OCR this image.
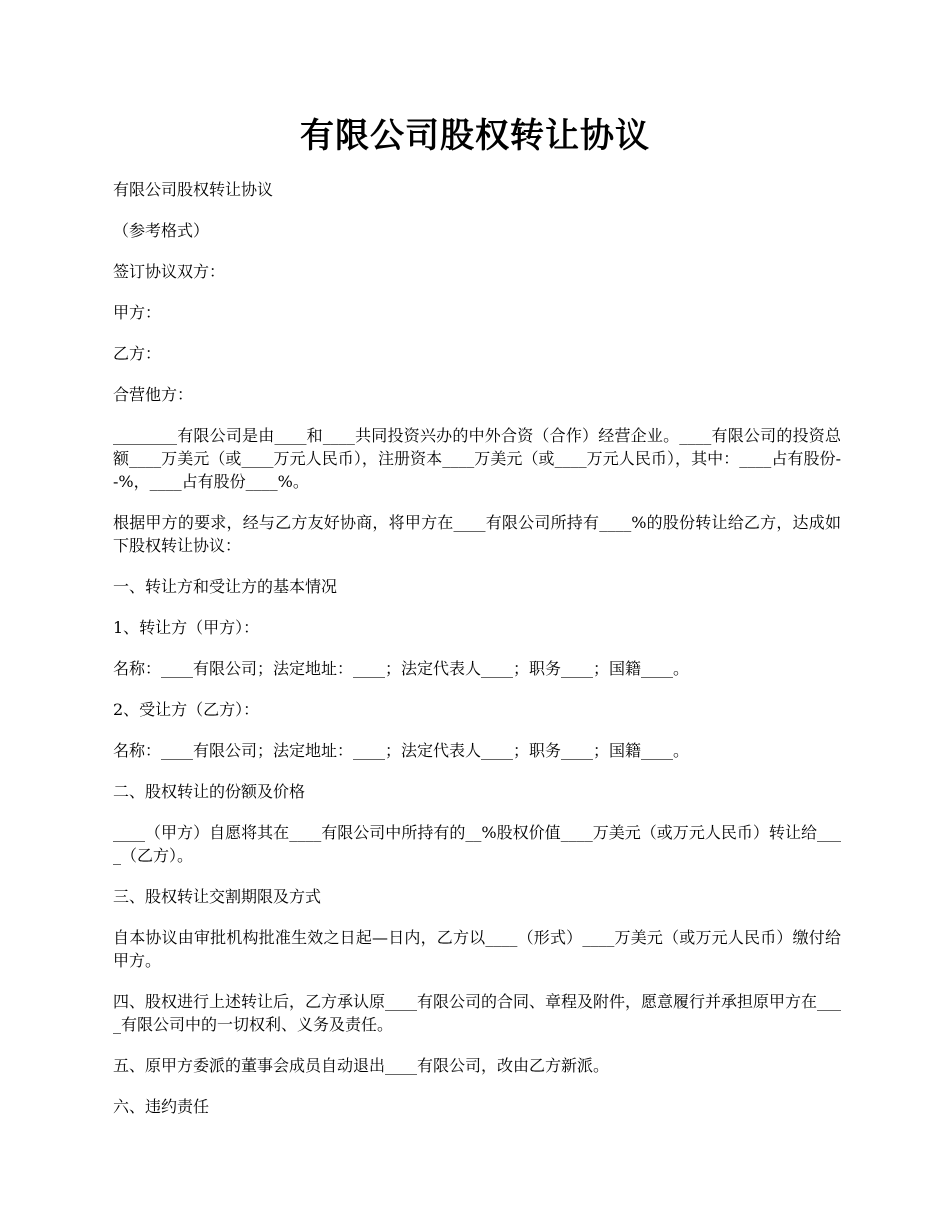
有限公司股权转让协议

有限公司股权转让协议

（参考格式）

签订协议双方：

甲方：

乙方：

合营他方：

________有限公司是由____和____共同投资兴办的中外合资（合作）经营企业。____有限公司的投资总额____万美元（或____万元人民币），注册资本____万美元（或____万元人民币），其中：____占有股份--%，____占有股份____%。

根据甲方的要求，经与乙方友好协商，将甲方在____有限公司所持有____%的股份转让给乙方，达成如下股权转让协议：

一、转让方和受让方的基本情况

1、转让方（甲方）：

名称：____有限公司；法定地址：____；法定代表人____；职务____；国籍____。

2、受让方（乙方）：

名称：____有限公司；法定地址：____；法定代表人____；职务____；国籍____。

二、股权转让的份额及价格

____（甲方）自愿将其在____有限公司中所持有的__%股权价值____万美元（或万元人民币）转让给____（乙方）。

三、股权转让交割期限及方式

自本协议由审批机构批准生效之日起—日内，乙方以____（形式）____万美元（或万元人民币）缴付给甲方。

四、股权进行上述转让后，乙方承认原____有限公司的合同、章程及附件，愿意履行并承担原甲方在____有限公司中的一切权利、义务及责任。

五、原甲方委派的董事会成员自动退出____有限公司，改由乙方新派。

六、违约责任
